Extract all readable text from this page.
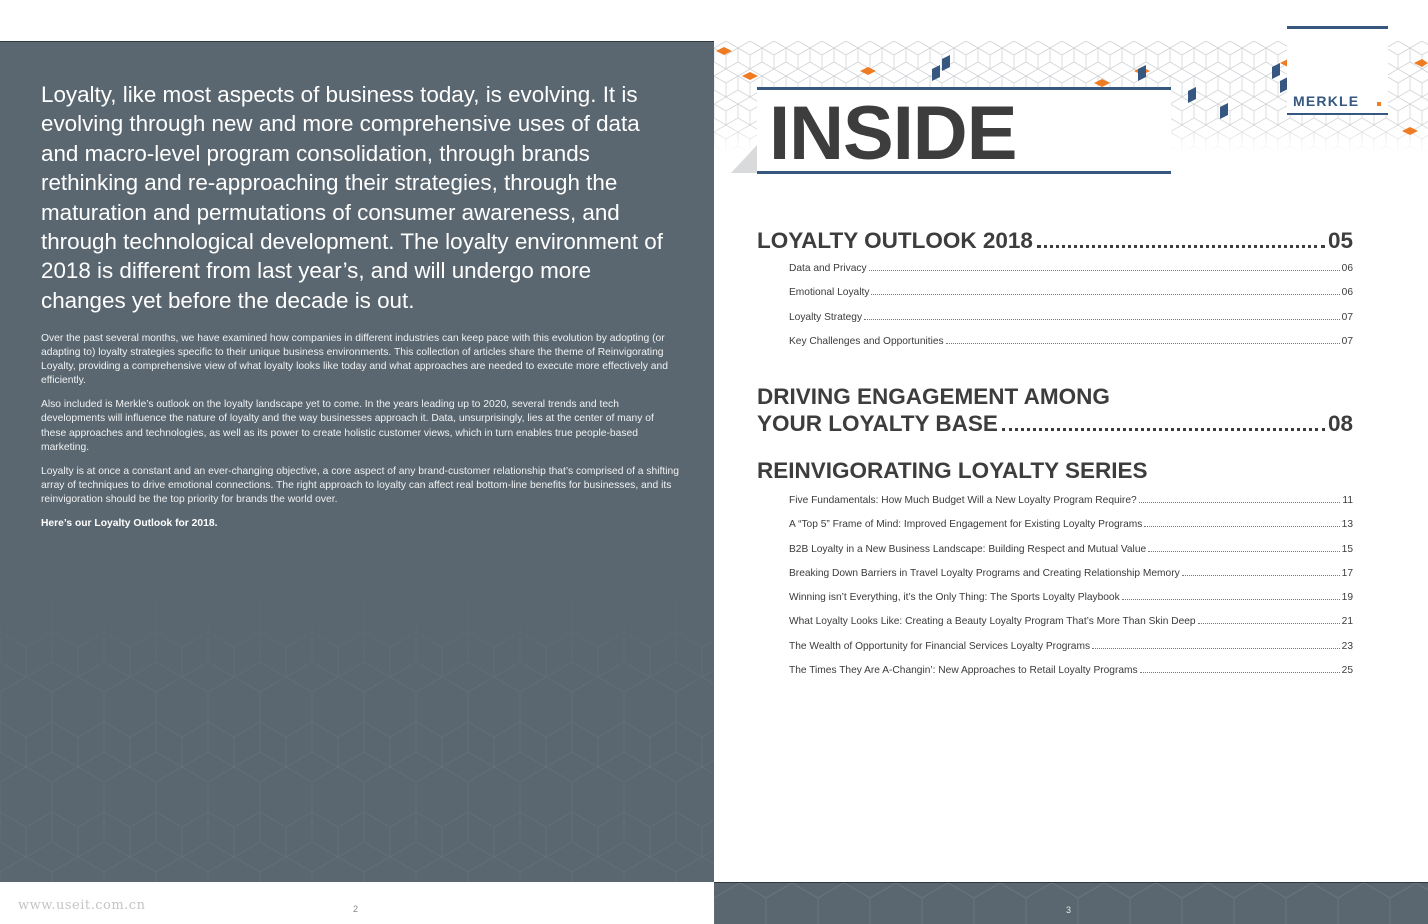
Loyalty, like most aspects of business today, is evolving. It is evolving through new and more comprehensive uses of data and macro-level program consolidation, through brands rethinking and re-approaching their strategies, through the maturation and permutations of consumer awareness, and through technological development. The loyalty environment of 2018 is different from last year’s, and will undergo more changes yet before the decade is out.

Over the past several months, we have examined how companies in different industries can keep pace with this evolution by adopting (or adapting to) loyalty strategies specific to their unique business environments. This collection of articles share the theme of Reinvigorating Loyalty, providing a comprehensive view of what loyalty looks like today and what approaches are needed to execute more effectively and efficiently.

Also included is Merkle’s outlook on the loyalty landscape yet to come. In the years leading up to 2020, several trends and tech developments will influence the nature of loyalty and the way businesses approach it. Data, unsurprisingly, lies at the center of many of these approaches and technologies, as well as its power to create holistic customer views, which in turn enables true people-based marketing.

Loyalty is at once a constant and an ever-changing objective, a core aspect of any brand-customer relationship that’s comprised of a shifting array of techniques to drive emotional connections. The right approach to loyalty can affect real bottom-line benefits for businesses, and its reinvigoration should be the top priority for brands the world over.

Here’s our Loyalty Outlook for 2018.

www.useit.com.cn	2
INSIDE	MERKLE
LOYALTY OUTLOOK 2018	05
Data and Privacy	06
Emotional Loyalty	06
Loyalty Strategy	07
Key Challenges and Opportunities	07
DRIVING ENGAGEMENT AMONG
YOUR LOYALTY BASE	08
REINVIGORATING LOYALTY SERIES
Five Fundamentals: How Much Budget Will a New Loyalty Program Require?	11
A “Top 5” Frame of Mind: Improved Engagement for Existing Loyalty Programs	13
B2B Loyalty in a New Business Landscape: Building Respect and Mutual Value	15
Breaking Down Barriers in Travel Loyalty Programs and Creating Relationship Memory	17
Winning isn’t Everything, it’s the Only Thing: The Sports Loyalty Playbook	19
What Loyalty Looks Like: Creating a Beauty Loyalty Program That’s More Than Skin Deep	21
The Wealth of Opportunity for Financial Services Loyalty Programs	23
The Times They Are A-Changin’: New Approaches to Retail Loyalty Programs	25
3
